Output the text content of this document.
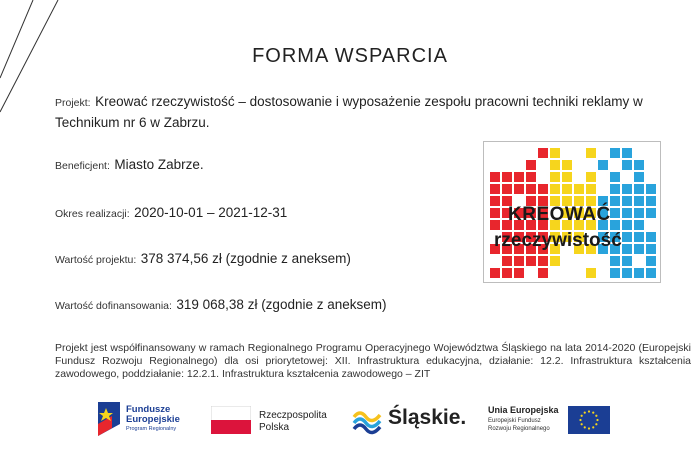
FORMA WSPARCIA
Projekt: Kreować rzeczywistość – dostosowanie i wyposażenie zespołu pracowni techniki reklamy w Technikum nr 6 w Zabrzu.
Beneficjent: Miasto Zabrze.
Okres realizacji: 2020-10-01 – 2021-12-31
Wartość projektu: 378 374,56 zł (zgodnie z aneksem)
Wartość dofinansowania: 319 068,38 zł (zgodnie z aneksem)
KREOWAĆ
rzeczywistość
Projekt jest współfinansowany w ramach Regionalnego Programu Operacyjnego Województwa Śląskiego na lata 2014-2020 (Europejski Fundusz Rozwoju Regionalnego) dla osi priorytetowej: XII. Infrastruktura edukacyjna, działanie: 12.2. Infrastruktura kształcenia zawodowego, poddziałanie: 12.2.1. Infrastruktura kształcenia zawodowego – ZIT
Fundusze
Europejskie
Program Regionalny
Rzeczpospolita
Polska	Śląskie. Unia Europejska
Europejski Fundusz
Rozwoju Regionalnego
